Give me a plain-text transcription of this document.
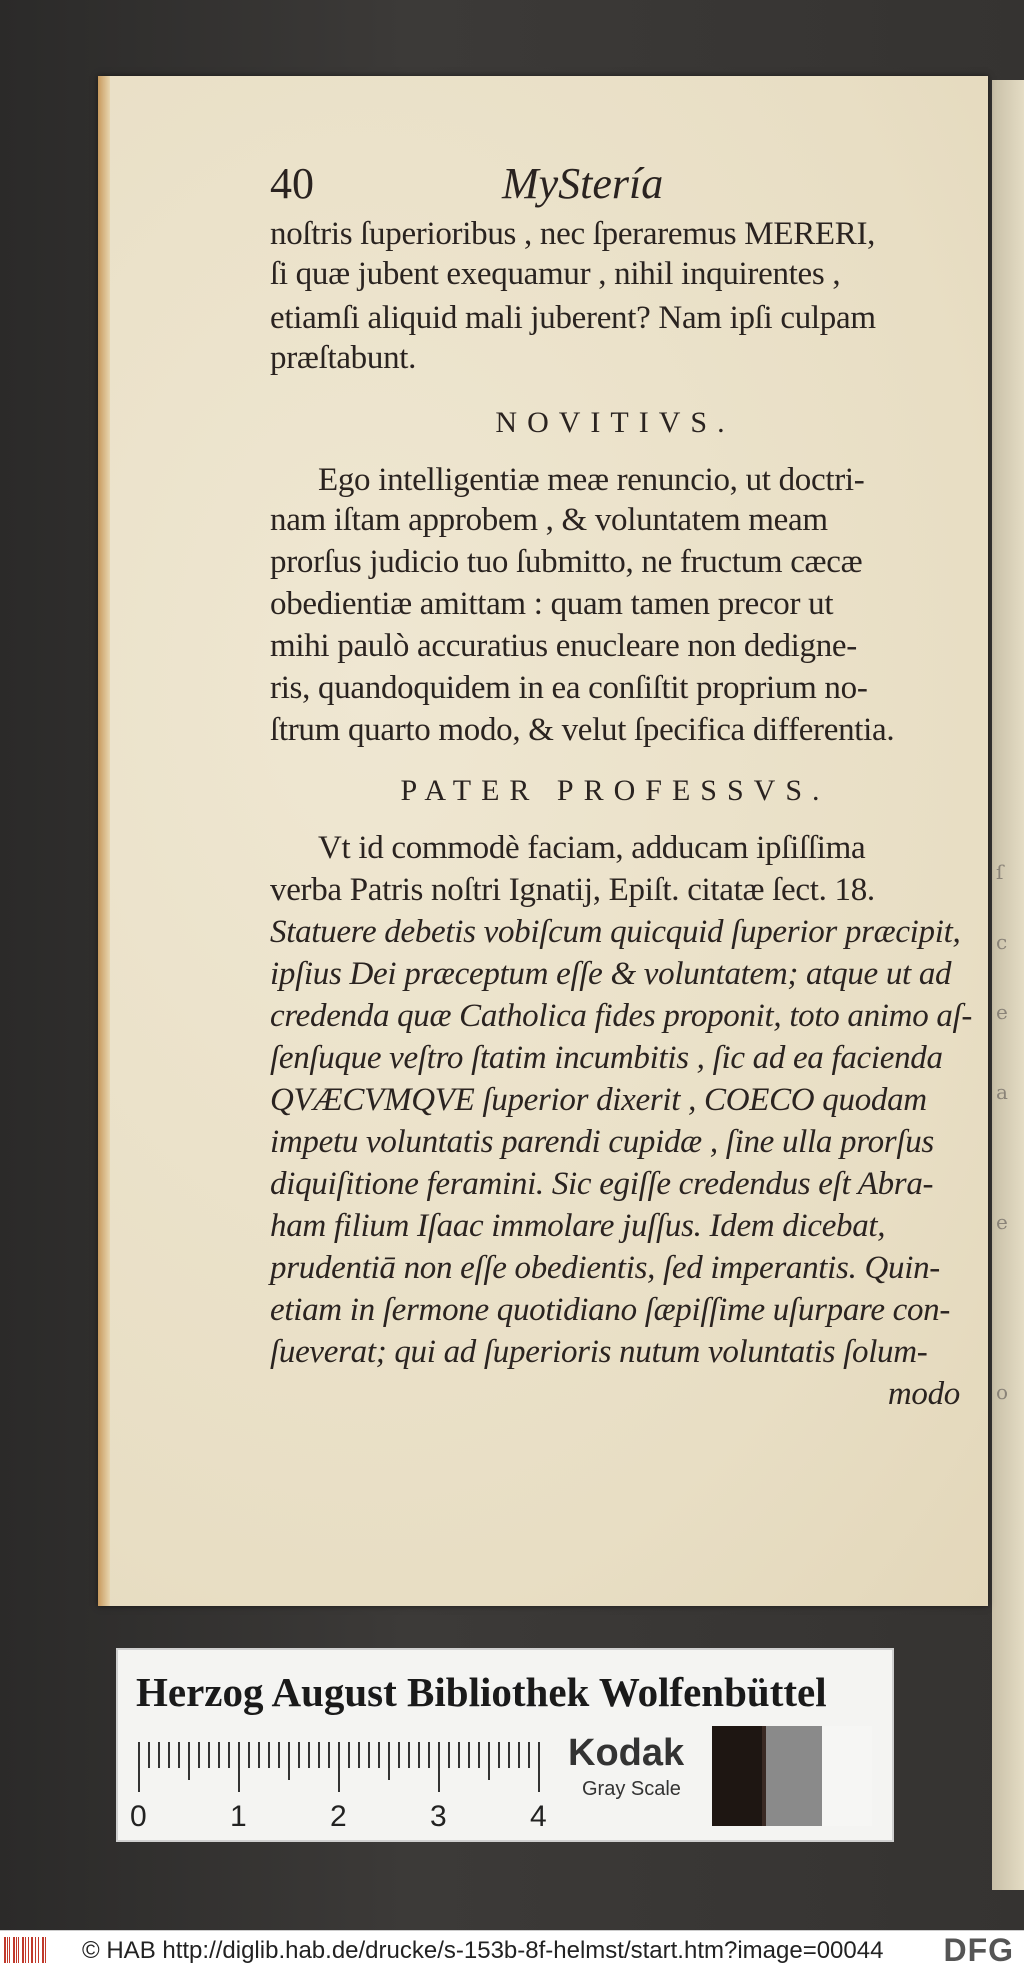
ſ
c
e
a
e
o
40	MyStería
noſtris ſuperioribus , nec ſperaremus MERERI,
ſi quæ jubent exequamur , nihil inquirentes ,
etiamſi aliquid mali juberent? Nam ipſi culpam
præſtabunt.
NOVITIVS.
Ego intelligentiæ meæ renuncio, ut doctri-
nam iſtam approbem , & voluntatem meam
prorſus judicio tuo ſubmitto, ne fructum cæcæ
obedientiæ amittam : quam tamen precor ut
mihi paulò accuratius enucleare non dedigne-
ris, quandoquidem in ea conſiſtit proprium no-
ſtrum quarto modo, & velut ſpecifica differentia.
PATER PROFESSVS.
Vt id commodè faciam, adducam ipſiſſima
verba Patris noſtri Ignatij, Epiſt. citatæ ſect. 18.
Statuere debetis vobiſcum quicquid ſuperior præcipit,
ipſius Dei præceptum eſſe & voluntatem; atque ut ad
credenda quæ Catholica fides proponit, toto animo aſ-
ſenſuque veſtro ſtatim incumbitis , ſic ad ea facienda
QVÆCVMQVE ſuperior dixerit , COECO quodam
impetu voluntatis parendi cupidæ , ſine ulla prorſus
diquiſitione feramini. Sic egiſſe credendus eſt Abra-
ham filium Iſaac immolare juſſus. Idem dicebat,
prudentiā non eſſe obedientis, ſed imperantis. Quin-
etiam in ſermone quotidiano ſæpiſſime uſurpare con-
ſueverat; qui ad ſuperioris nutum voluntatis ſolum-
modo
Herzog August Bibliothek Wolfenbüttel
0	1	2	3	4
Kodak
Gray Scale
© HAB http://diglib.hab.de/drucke/s-153b-8f-helmst/start.htm?image=00044 DFG
